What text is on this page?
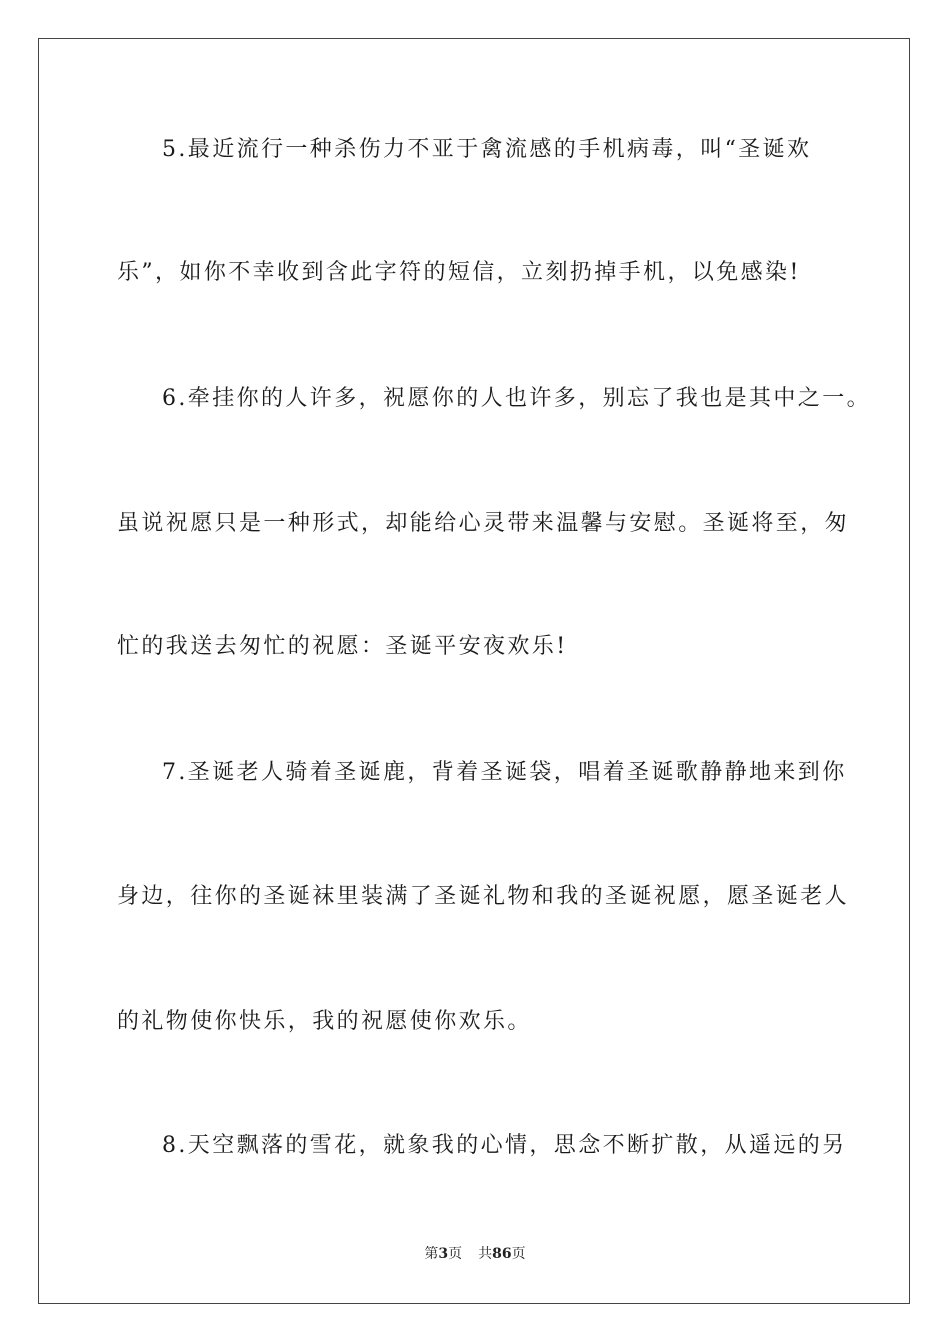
5.最近流行一种杀伤力不亚于禽流感的手机病毒，叫“圣诞欢
乐”，如你不幸收到含此字符的短信，立刻扔掉手机，以免感染!
6.牵挂你的人许多，祝愿你的人也许多，别忘了我也是其中之一。
虽说祝愿只是一种形式，却能给心灵带来温馨与安慰。圣诞将至，匆
忙的我送去匆忙的祝愿：圣诞平安夜欢乐!
7.圣诞老人骑着圣诞鹿，背着圣诞袋，唱着圣诞歌静静地来到你
身边，往你的圣诞袜里装满了圣诞礼物和我的圣诞祝愿，愿圣诞老人
的礼物使你快乐，我的祝愿使你欢乐。
8.天空飘落的雪花，就象我的心情，思念不断扩散，从遥远的另
第3页 共86页
